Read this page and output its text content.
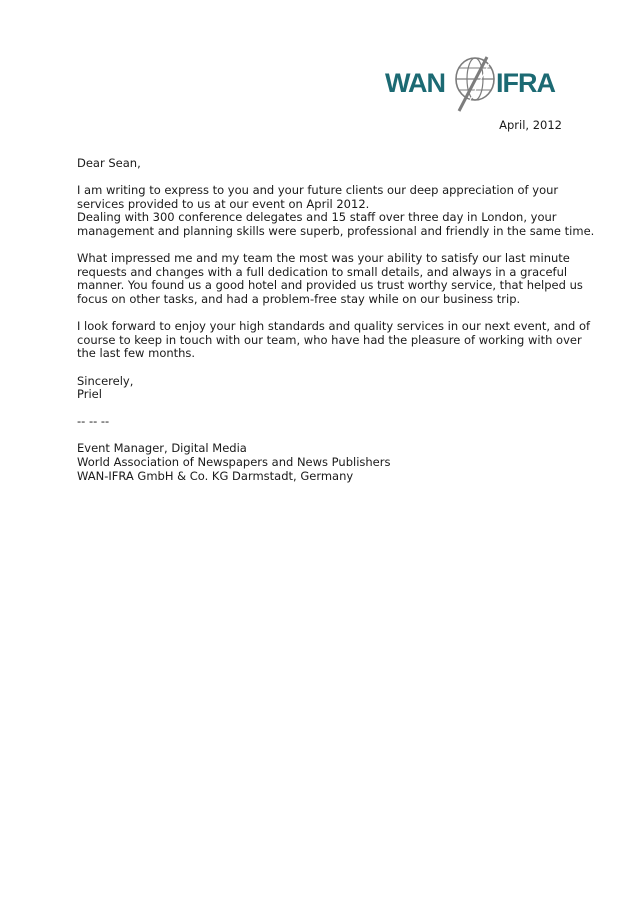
WAN IFRA
April, 2012

Dear Sean,

I am writing to express to you and your future clients our deep appreciation of your
services provided to us at our event on April 2012.
Dealing with 300 conference delegates and 15 staff over three day in London, your
management and planning skills were superb, professional and friendly in the same time.

What impressed me and my team the most was your ability to satisfy our last minute
requests and changes with a full dedication to small details, and always in a graceful
manner. You found us a good hotel and provided us trust worthy service, that helped us
focus on other tasks, and had a problem-free stay while on our business trip.

I look forward to enjoy your high standards and quality services in our next event, and of
course to keep in touch with our team, who have had the pleasure of working with over
the last few months.

Sincerely,
Priel

-- -- --

Event Manager, Digital Media
World Association of Newspapers and News Publishers
WAN-IFRA GmbH & Co. KG Darmstadt, Germany
